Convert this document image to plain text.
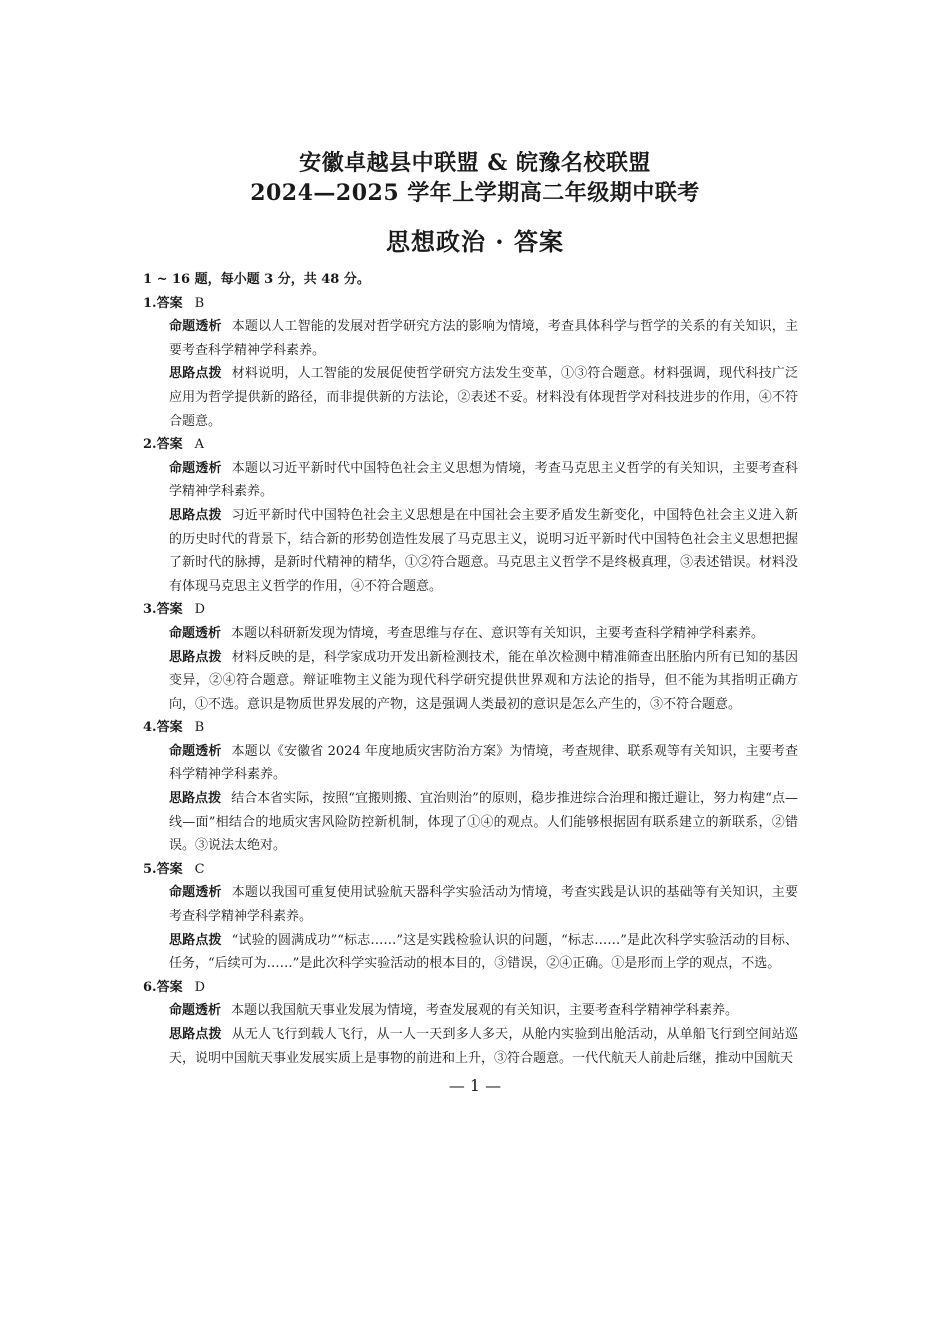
安徽卓越县中联盟 & 皖豫名校联盟
2024—2025 学年上学期高二年级期中联考
思想政治 · 答案
1 ~ 16 题，每小题 3 分，共 48 分。
1.答案 B
命题透析 本题以人工智能的发展对哲学研究方法的影响为情境，考查具体科学与哲学的关系的有关知识，主要考查科学精神学科素养。
思路点拨 材料说明，人工智能的发展促使哲学研究方法发生变革，①③符合题意。材料强调，现代科技广泛应用为哲学提供新的路径，而非提供新的方法论，②表述不妥。材料没有体现哲学对科技进步的作用，④不符合题意。
2.答案 A
命题透析 本题以习近平新时代中国特色社会主义思想为情境，考查马克思主义哲学的有关知识，主要考查科学精神学科素养。
思路点拨 习近平新时代中国特色社会主义思想是在中国社会主要矛盾发生新变化，中国特色社会主义进入新的历史时代的背景下，结合新的形势创造性发展了马克思主义，说明习近平新时代中国特色社会主义思想把握了新时代的脉搏，是新时代精神的精华，①②符合题意。马克思主义哲学不是终极真理，③表述错误。材料没有体现马克思主义哲学的作用，④不符合题意。
3.答案 D
命题透析 本题以科研新发现为情境，考查思维与存在、意识等有关知识，主要考查科学精神学科素养。
思路点拨 材料反映的是，科学家成功开发出新检测技术，能在单次检测中精准筛查出胚胎内所有已知的基因变异，②④符合题意。辩证唯物主义能为现代科学研究提供世界观和方法论的指导，但不能为其指明正确方向，①不选。意识是物质世界发展的产物，这是强调人类最初的意识是怎么产生的，③不符合题意。
4.答案 B
命题透析 本题以《安徽省 2024 年度地质灾害防治方案》为情境，考查规律、联系观等有关知识，主要考查科学精神学科素养。
思路点拨 结合本省实际，按照“宜搬则搬、宜治则治”的原则，稳步推进综合治理和搬迁避让，努力构建“点—线—面”相结合的地质灾害风险防控新机制，体现了①④的观点。人们能够根据固有联系建立的新联系，②错误。③说法太绝对。
5.答案 C
命题透析 本题以我国可重复使用试验航天器科学实验活动为情境，考查实践是认识的基础等有关知识，主要考查科学精神学科素养。
思路点拨 “试验的圆满成功”“标志……”这是实践检验认识的问题，“标志……”是此次科学实验活动的目标、任务，“后续可为……”是此次科学实验活动的根本目的，③错误，②④正确。①是形而上学的观点，不选。
6.答案 D
命题透析 本题以我国航天事业发展为情境，考查发展观的有关知识，主要考查科学精神学科素养。
思路点拨 从无人飞行到载人飞行，从一人一天到多人多天，从舱内实验到出舱活动，从单船飞行到空间站巡天，说明中国航天事业发展实质上是事物的前进和上升，③符合题意。一代代航天人前赴后继，推动中国航天
— 1 —
